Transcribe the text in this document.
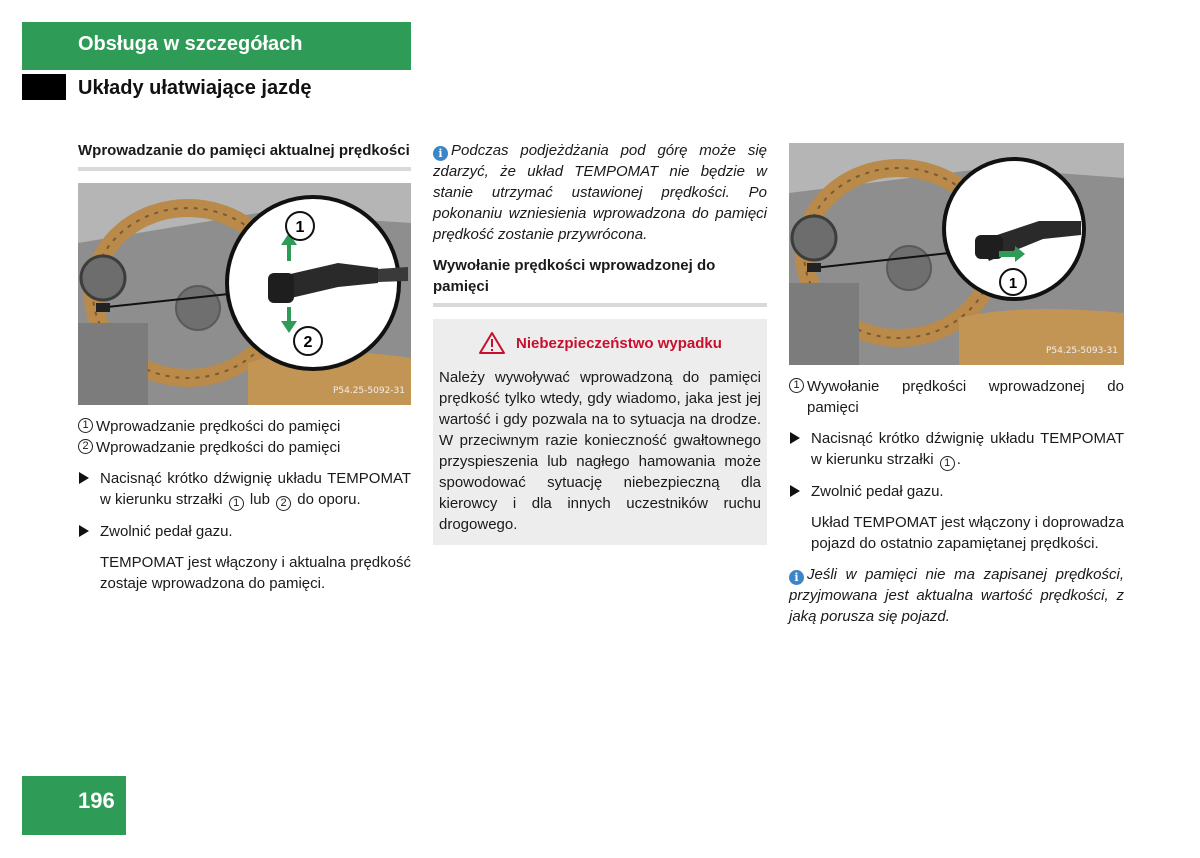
Obsługa w szczegółach
Układy ułatwiające jazdę
Wprowadzanie do pamięci aktualnej prędkości
1
2
P54.25-5092-31
1 Wprowadzanie prędkości do pamięci
2 Wprowadzanie prędkości do pamięci
Nacisnąć krótko dźwignię układu TEMPOMAT w kierunku strzałki 1 lub 2 do oporu.
Zwolnić pedał gazu.
TEMPOMAT jest włączony i aktualna prędkość zostaje wprowadzona do pamięci.
i Podczas podjeżdżania pod górę może się zdarzyć, że układ TEMPOMAT nie będzie w stanie utrzymać ustawionej prędkości. Po pokonaniu wzniesienia wprowadzona do pamięci prędkość zostanie przywrócona.
Wywołanie prędkości wprowadzonej do pamięci
Niebezpieczeństwo wypadku
Należy wywoływać wprowadzoną do pamięci prędkość tylko wtedy, gdy wiadomo, jaka jest jej wartość i gdy pozwala na to sytuacja na drodze. W przeciwnym razie konieczność gwałtownego przyspieszenia lub nagłego hamowania może spowodować sytuację niebezpieczną dla kierowcy i dla innych uczestników ruchu drogowego.
1
P54.25-5093-31
1 Wywołanie prędkości wprowadzonej do pamięci
Nacisnąć krótko dźwignię układu TEMPOMAT w kierunku strzałki 1 .
Zwolnić pedał gazu.
Układ TEMPOMAT jest włączony i doprowadza pojazd do ostatnio zapamiętanej prędkości.
i Jeśli w pamięci nie ma zapisanej prędkości, przyjmowana jest aktualna wartość prędkości, z jaką porusza się pojazd.
196
